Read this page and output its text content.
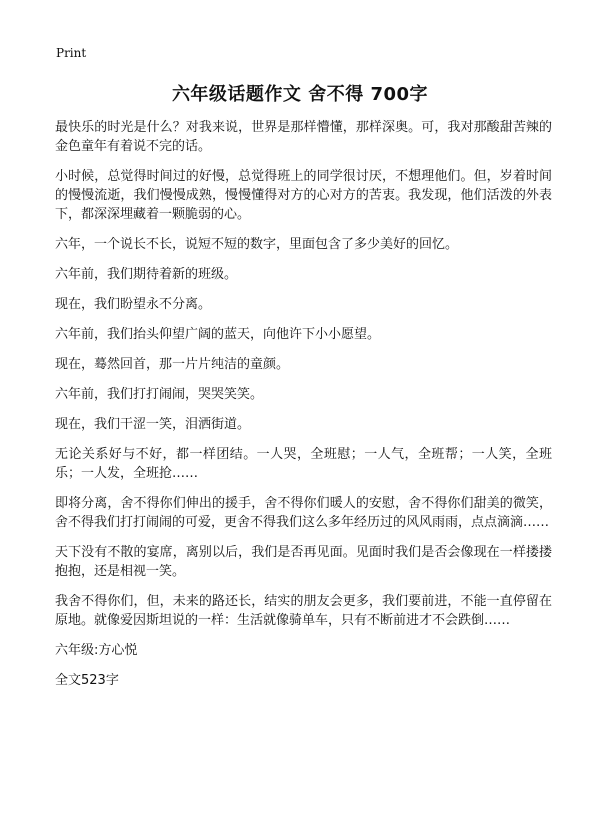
Print
六年级话题作文 舍不得 700字

最快乐的时光是什么？对我来说，世界是那样懵懂，那样深奥。可，我对那酸甜苦辣的金色童年有着说不完的话。

小时候，总觉得时间过的好慢，总觉得班上的同学很讨厌，不想理他们。但，岁着时间的慢慢流逝，我们慢慢成熟，慢慢懂得对方的心对方的苦衷。我发现，他们活泼的外表下，都深深埋藏着一颗脆弱的心。

六年，一个说长不长，说短不短的数字，里面包含了多少美好的回忆。

六年前，我们期待着新的班级。

现在，我们盼望永不分离。

六年前，我们抬头仰望广阔的蓝天，向他许下小小愿望。

现在，蓦然回首，那一片片纯洁的童颜。

六年前，我们打打闹闹，哭哭笑笑。

现在，我们干涩一笑，泪洒街道。

无论关系好与不好，都一样团结。一人哭，全班慰；一人气，全班帮；一人笑，全班乐；一人发，全班抢……

即将分离，舍不得你们伸出的援手，舍不得你们暖人的安慰，舍不得你们甜美的微笑，舍不得我们打打闹闹的可爱，更舍不得我们这么多年经历过的风风雨雨，点点滴滴……

天下没有不散的宴席，离别以后，我们是否再见面。见面时我们是否会像现在一样搂搂抱抱，还是相视一笑。

我舍不得你们，但，未来的路还长，结实的朋友会更多，我们要前进，不能一直停留在原地。就像爱因斯坦说的一样：生活就像骑单车，只有不断前进才不会跌倒……

六年级:方心悦

全文523字
